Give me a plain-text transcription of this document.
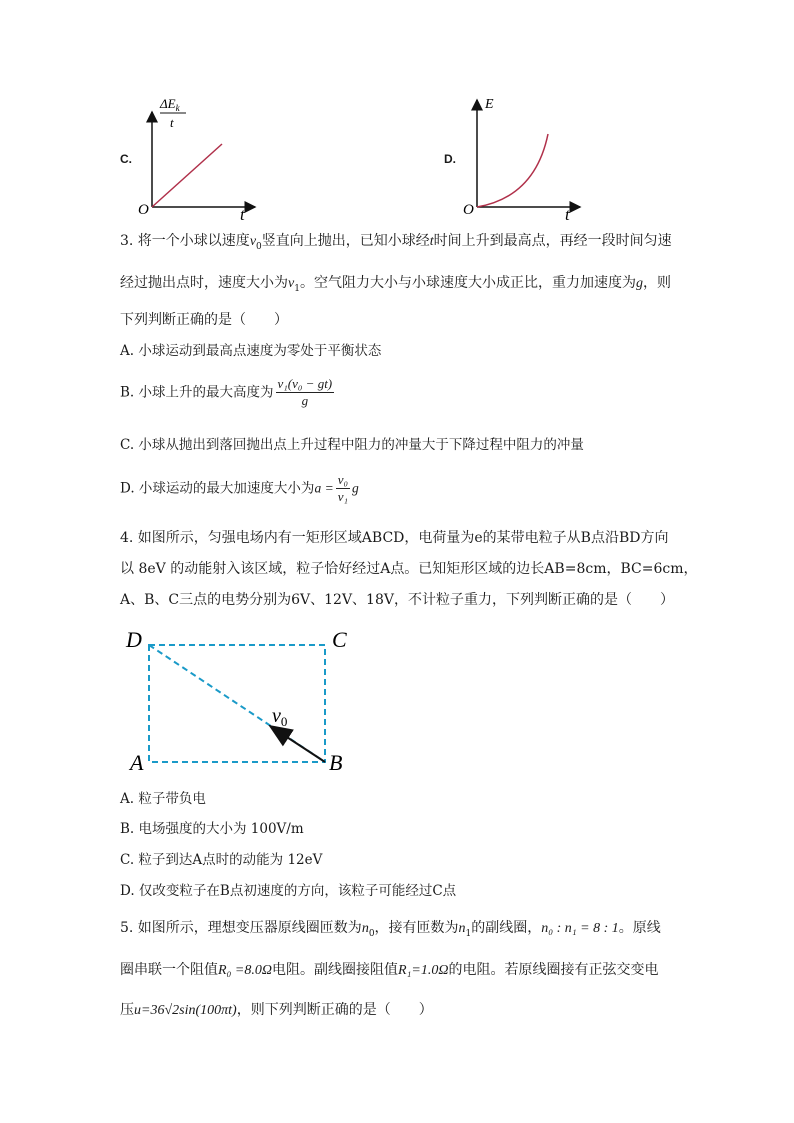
C.
$\Delta E_k$
t
O	t
D.
E
O	t
3. 将一个小球以速度$v_0$竖直向上抛出，已知小球经t时间上升到最高点，再经一段时间匀速
经过抛出点时，速度大小为$v_1$。空气阻力大小与小球速度大小成正比，重力加速度为g，则
下列判断正确的是（　　）
A. 小球运动到最高点速度为零处于平衡状态
B. 小球上升的最大高度为 $\frac{\text{v₁(v₀ − gt)}}{g}$
C. 小球从抛出到落回抛出点上升过程中阻力的冲量大于下降过程中阻力的冲量
D. 小球运动的最大加速度大小为$a = \frac{\text{v₀}}{\text{v₁}}$ g
4. 如图所示，匀强电场内有一矩形区域ABCD，电荷量为e的某带电粒子从B点沿BD方向
以 8eV 的动能射入该区域，粒子恰好经过A点。已知矩形区域的边长AB=8cm，BC=6cm，
A、B、C三点的电势分别为6V、12V、18V，不计粒子重力，下列判断正确的是（　　）
D	C
A	B
$v_0$
A. 粒子带负电
B. 电场强度的大小为 100V/m
C. 粒子到达A点时的动能为 12eV
D. 仅改变粒子在B点初速度的方向，该粒子可能经过C点
5. 如图所示，理想变压器原线圈匝数为$n_0$，接有匝数为$n_1$的副线圈，n₀ : n₁ = 8 : 1。原线
圈串联一个阻值R₀ =8.0Ω电阻。副线圈接阻值R₁=1.0Ω的电阻。若原线圈接有正弦交变电
压u=36√2sin(100πt)，则下列判断正确的是（　　）
